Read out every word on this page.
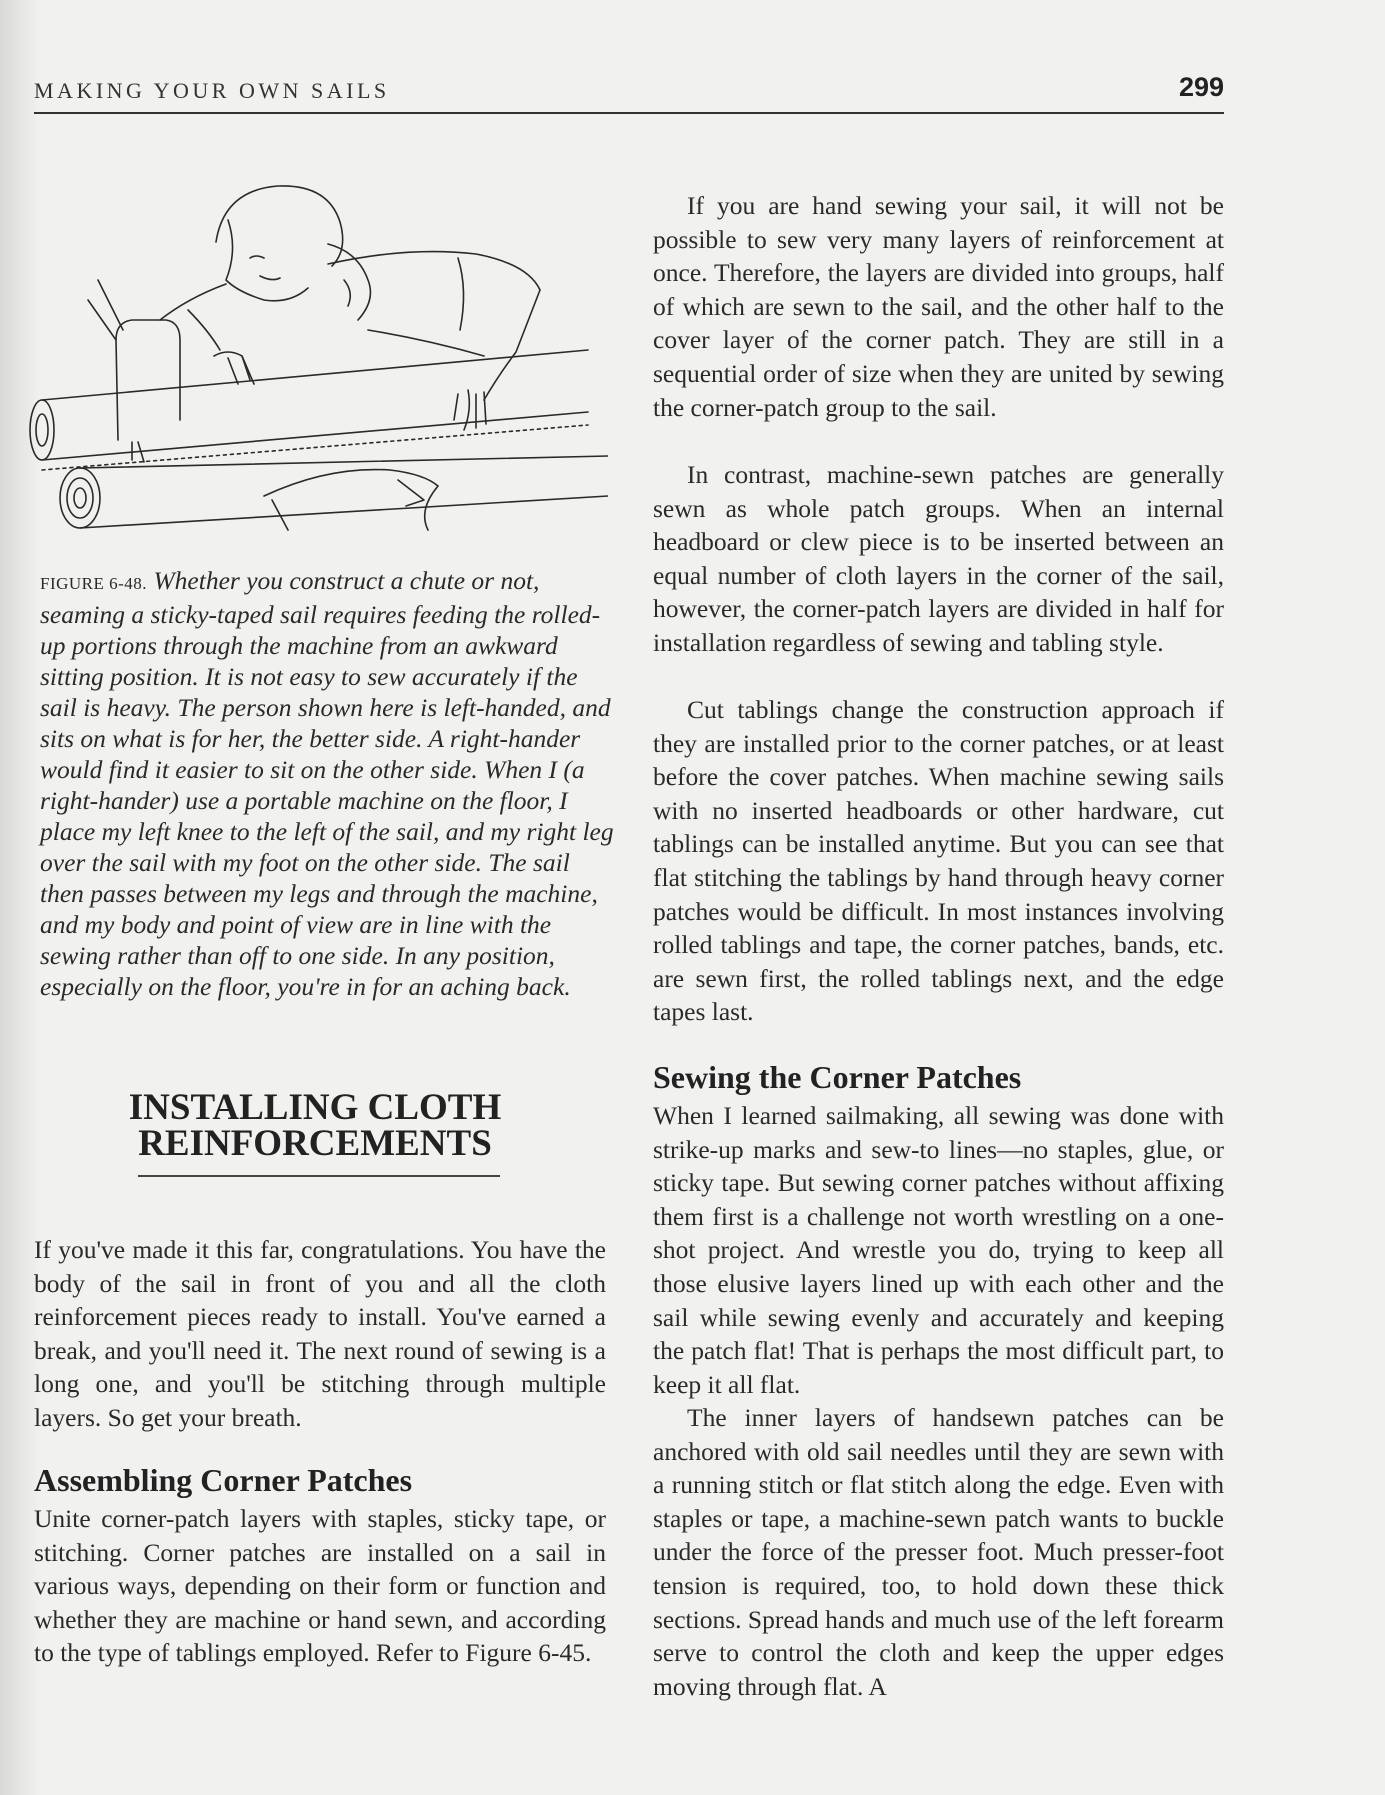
MAKING YOUR OWN SAILS	299
FIGURE 6-48. Whether you construct a chute or not, seaming a sticky-taped sail requires feeding the rolled-up portions through the machine from an awkward sitting position. It is not easy to sew accurately if the sail is heavy. The person shown here is left-handed, and sits on what is for her, the better side. A right-hander would find it easier to sit on the other side. When I (a right-hander) use a portable machine on the floor, I place my left knee to the left of the sail, and my right leg over the sail with my foot on the other side. The sail then passes between my legs and through the machine, and my body and point of view are in line with the sewing rather than off to one side. In any position, especially on the floor, you're in for an aching back.
INSTALLING CLOTH
REINFORCEMENTS

If you've made it this far, congratulations. You have the body of the sail in front of you and all the cloth reinforcement pieces ready to install. You've earned a break, and you'll need it. The next round of sewing is a long one, and you'll be stitching through multiple layers. So get your breath.

Assembling Corner Patches

Unite corner-patch layers with staples, sticky tape, or stitching. Corner patches are installed on a sail in various ways, depending on their form or function and whether they are machine or hand sewn, and according to the type of tablings employed. Refer to Figure 6-45.

If you are hand sewing your sail, it will not be possible to sew very many layers of reinforcement at once. Therefore, the layers are divided into groups, half of which are sewn to the sail, and the other half to the cover layer of the corner patch. They are still in a sequential order of size when they are united by sewing the corner-patch group to the sail.

In contrast, machine-sewn patches are generally sewn as whole patch groups. When an internal headboard or clew piece is to be inserted between an equal number of cloth layers in the corner of the sail, however, the corner-patch layers are divided in half for installation regardless of sewing and tabling style.

Cut tablings change the construction approach if they are installed prior to the corner patches, or at least before the cover patches. When machine sewing sails with no inserted headboards or other hardware, cut tablings can be installed anytime. But you can see that flat stitching the tablings by hand through heavy corner patches would be difficult. In most instances involving rolled tablings and tape, the corner patches, bands, etc. are sewn first, the rolled tablings next, and the edge tapes last.

Sewing the Corner Patches

When I learned sailmaking, all sewing was done with strike-up marks and sew-to lines—no staples, glue, or sticky tape. But sewing corner patches without affixing them first is a challenge not worth wrestling on a one-shot project. And wrestle you do, trying to keep all those elusive layers lined up with each other and the sail while sewing evenly and accurately and keeping the patch flat! That is perhaps the most difficult part, to keep it all flat.

The inner layers of handsewn patches can be anchored with old sail needles until they are sewn with a running stitch or flat stitch along the edge. Even with staples or tape, a machine-sewn patch wants to buckle under the force of the presser foot. Much presser-foot tension is required, too, to hold down these thick sections. Spread hands and much use of the left forearm serve to control the cloth and keep the upper edges moving through flat. A
